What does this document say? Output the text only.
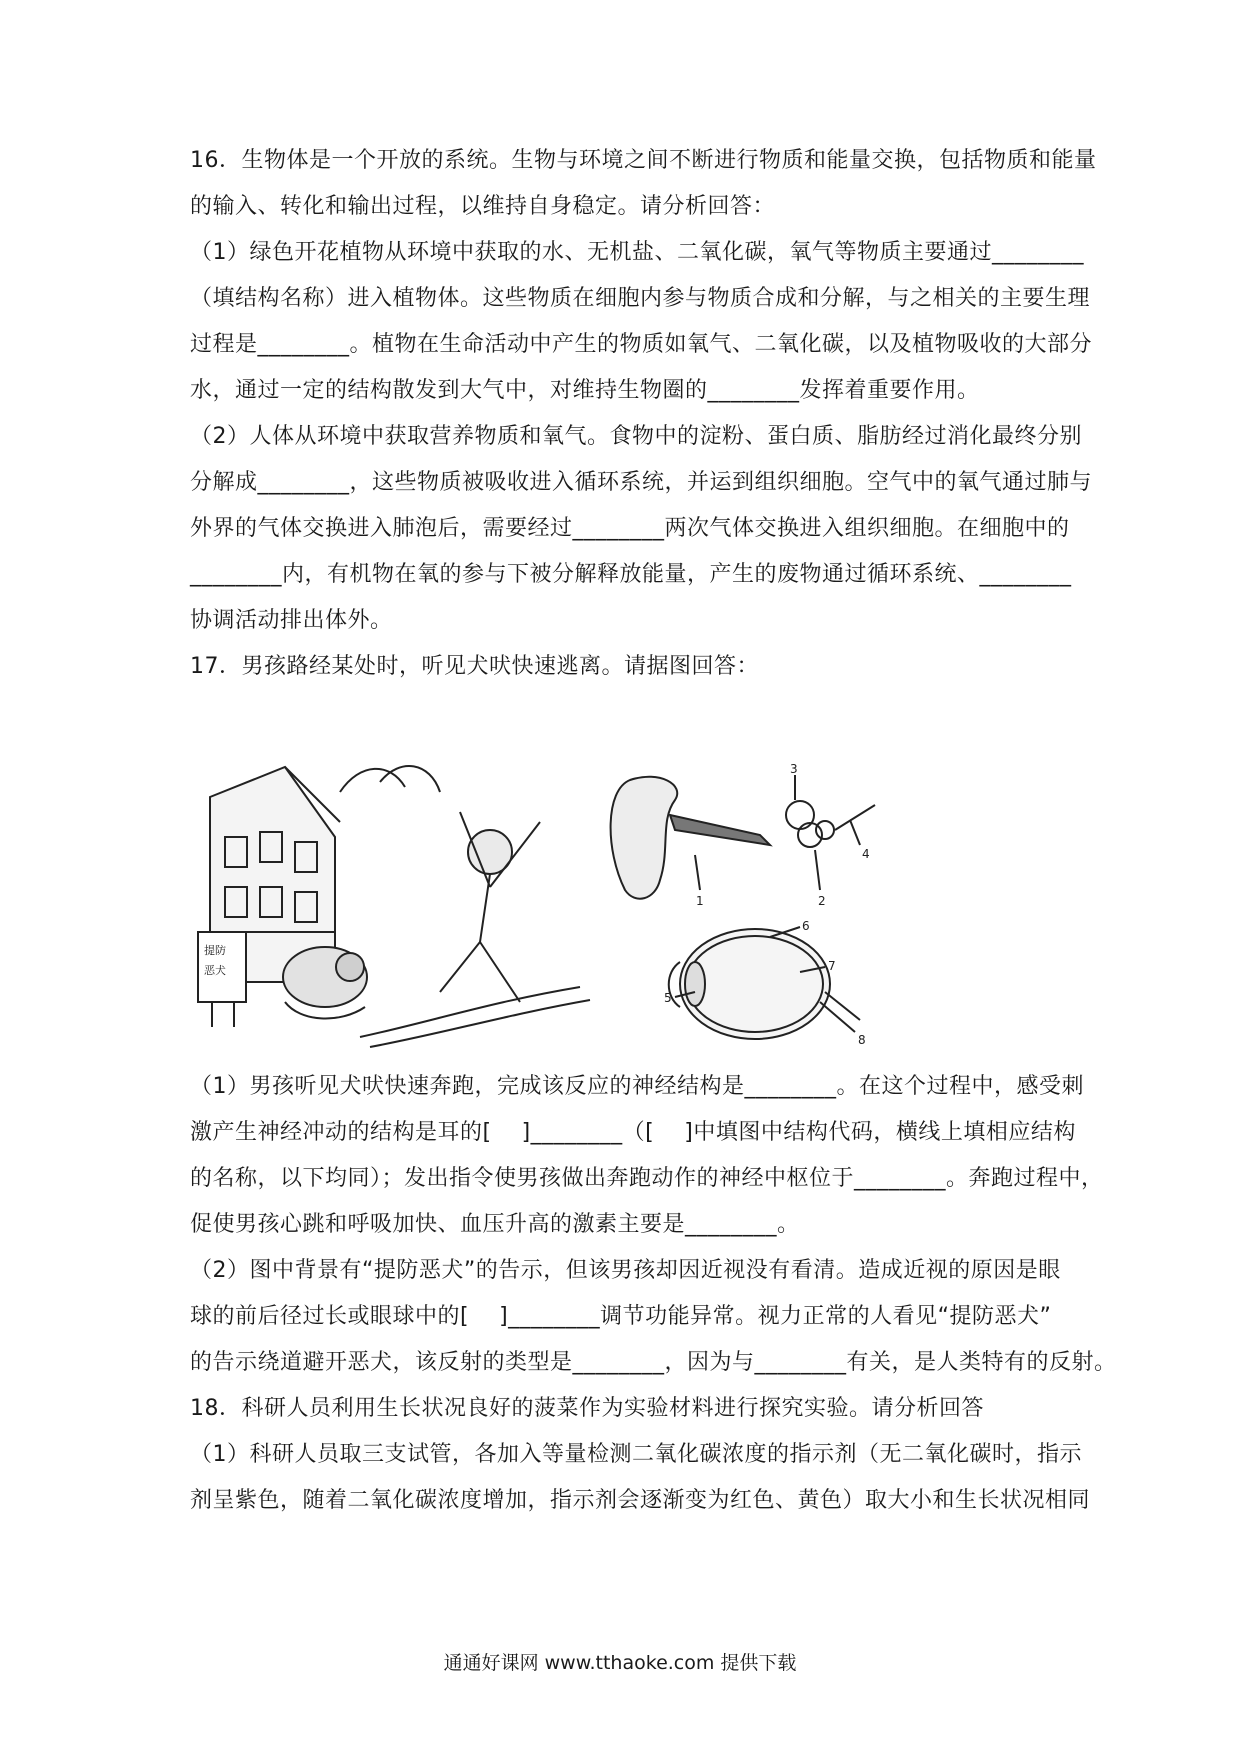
16．生物体是一个开放的系统。生物与环境之间不断进行物质和能量交换，包括物质和能量
的输入、转化和输出过程，以维持自身稳定。请分析回答：
（1）绿色开花植物从环境中获取的水、无机盐、二氧化碳，氧气等物质主要通过________
（填结构名称）进入植物体。这些物质在细胞内参与物质合成和分解，与之相关的主要生理
过程是________。植物在生命活动中产生的物质如氧气、二氧化碳，以及植物吸收的大部分
水，通过一定的结构散发到大气中，对维持生物圈的________发挥着重要作用。
（2）人体从环境中获取营养物质和氧气。食物中的淀粉、蛋白质、脂肪经过消化最终分别
分解成________，这些物质被吸收进入循环系统，并运到组织细胞。空气中的氧气通过肺与
外界的气体交换进入肺泡后，需要经过________两次气体交换进入组织细胞。在细胞中的
________内，有机物在氧的参与下被分解释放能量，产生的废物通过循环系统、________
协调活动排出体外。
17．男孩路经某处时，听见犬吠快速逃离。请据图回答：
提防
恶犬
1	2
3
4
5
6
7
8
（1）男孩听见犬吠快速奔跑，完成该反应的神经结构是________。在这个过程中，感受刺
激产生神经冲动的结构是耳的[　 ]________（[　 ]中填图中结构代码，横线上填相应结构
的名称，以下均同）；发出指令使男孩做出奔跑动作的神经中枢位于________。奔跑过程中，
促使男孩心跳和呼吸加快、血压升高的激素主要是________。
（2）图中背景有“提防恶犬”的告示，但该男孩却因近视没有看清。造成近视的原因是眼
球的前后径过长或眼球中的[　 ]________调节功能异常。视力正常的人看见“提防恶犬”
的告示绕道避开恶犬，该反射的类型是________，因为与________有关，是人类特有的反射。
18．科研人员利用生长状况良好的菠菜作为实验材料进行探究实验。请分析回答
（1）科研人员取三支试管，各加入等量检测二氧化碳浓度的指示剂（无二氧化碳时，指示
剂呈紫色，随着二氧化碳浓度增加，指示剂会逐渐变为红色、黄色）取大小和生长状况相同
通通好课网 www.tthaoke.com 提供下载
